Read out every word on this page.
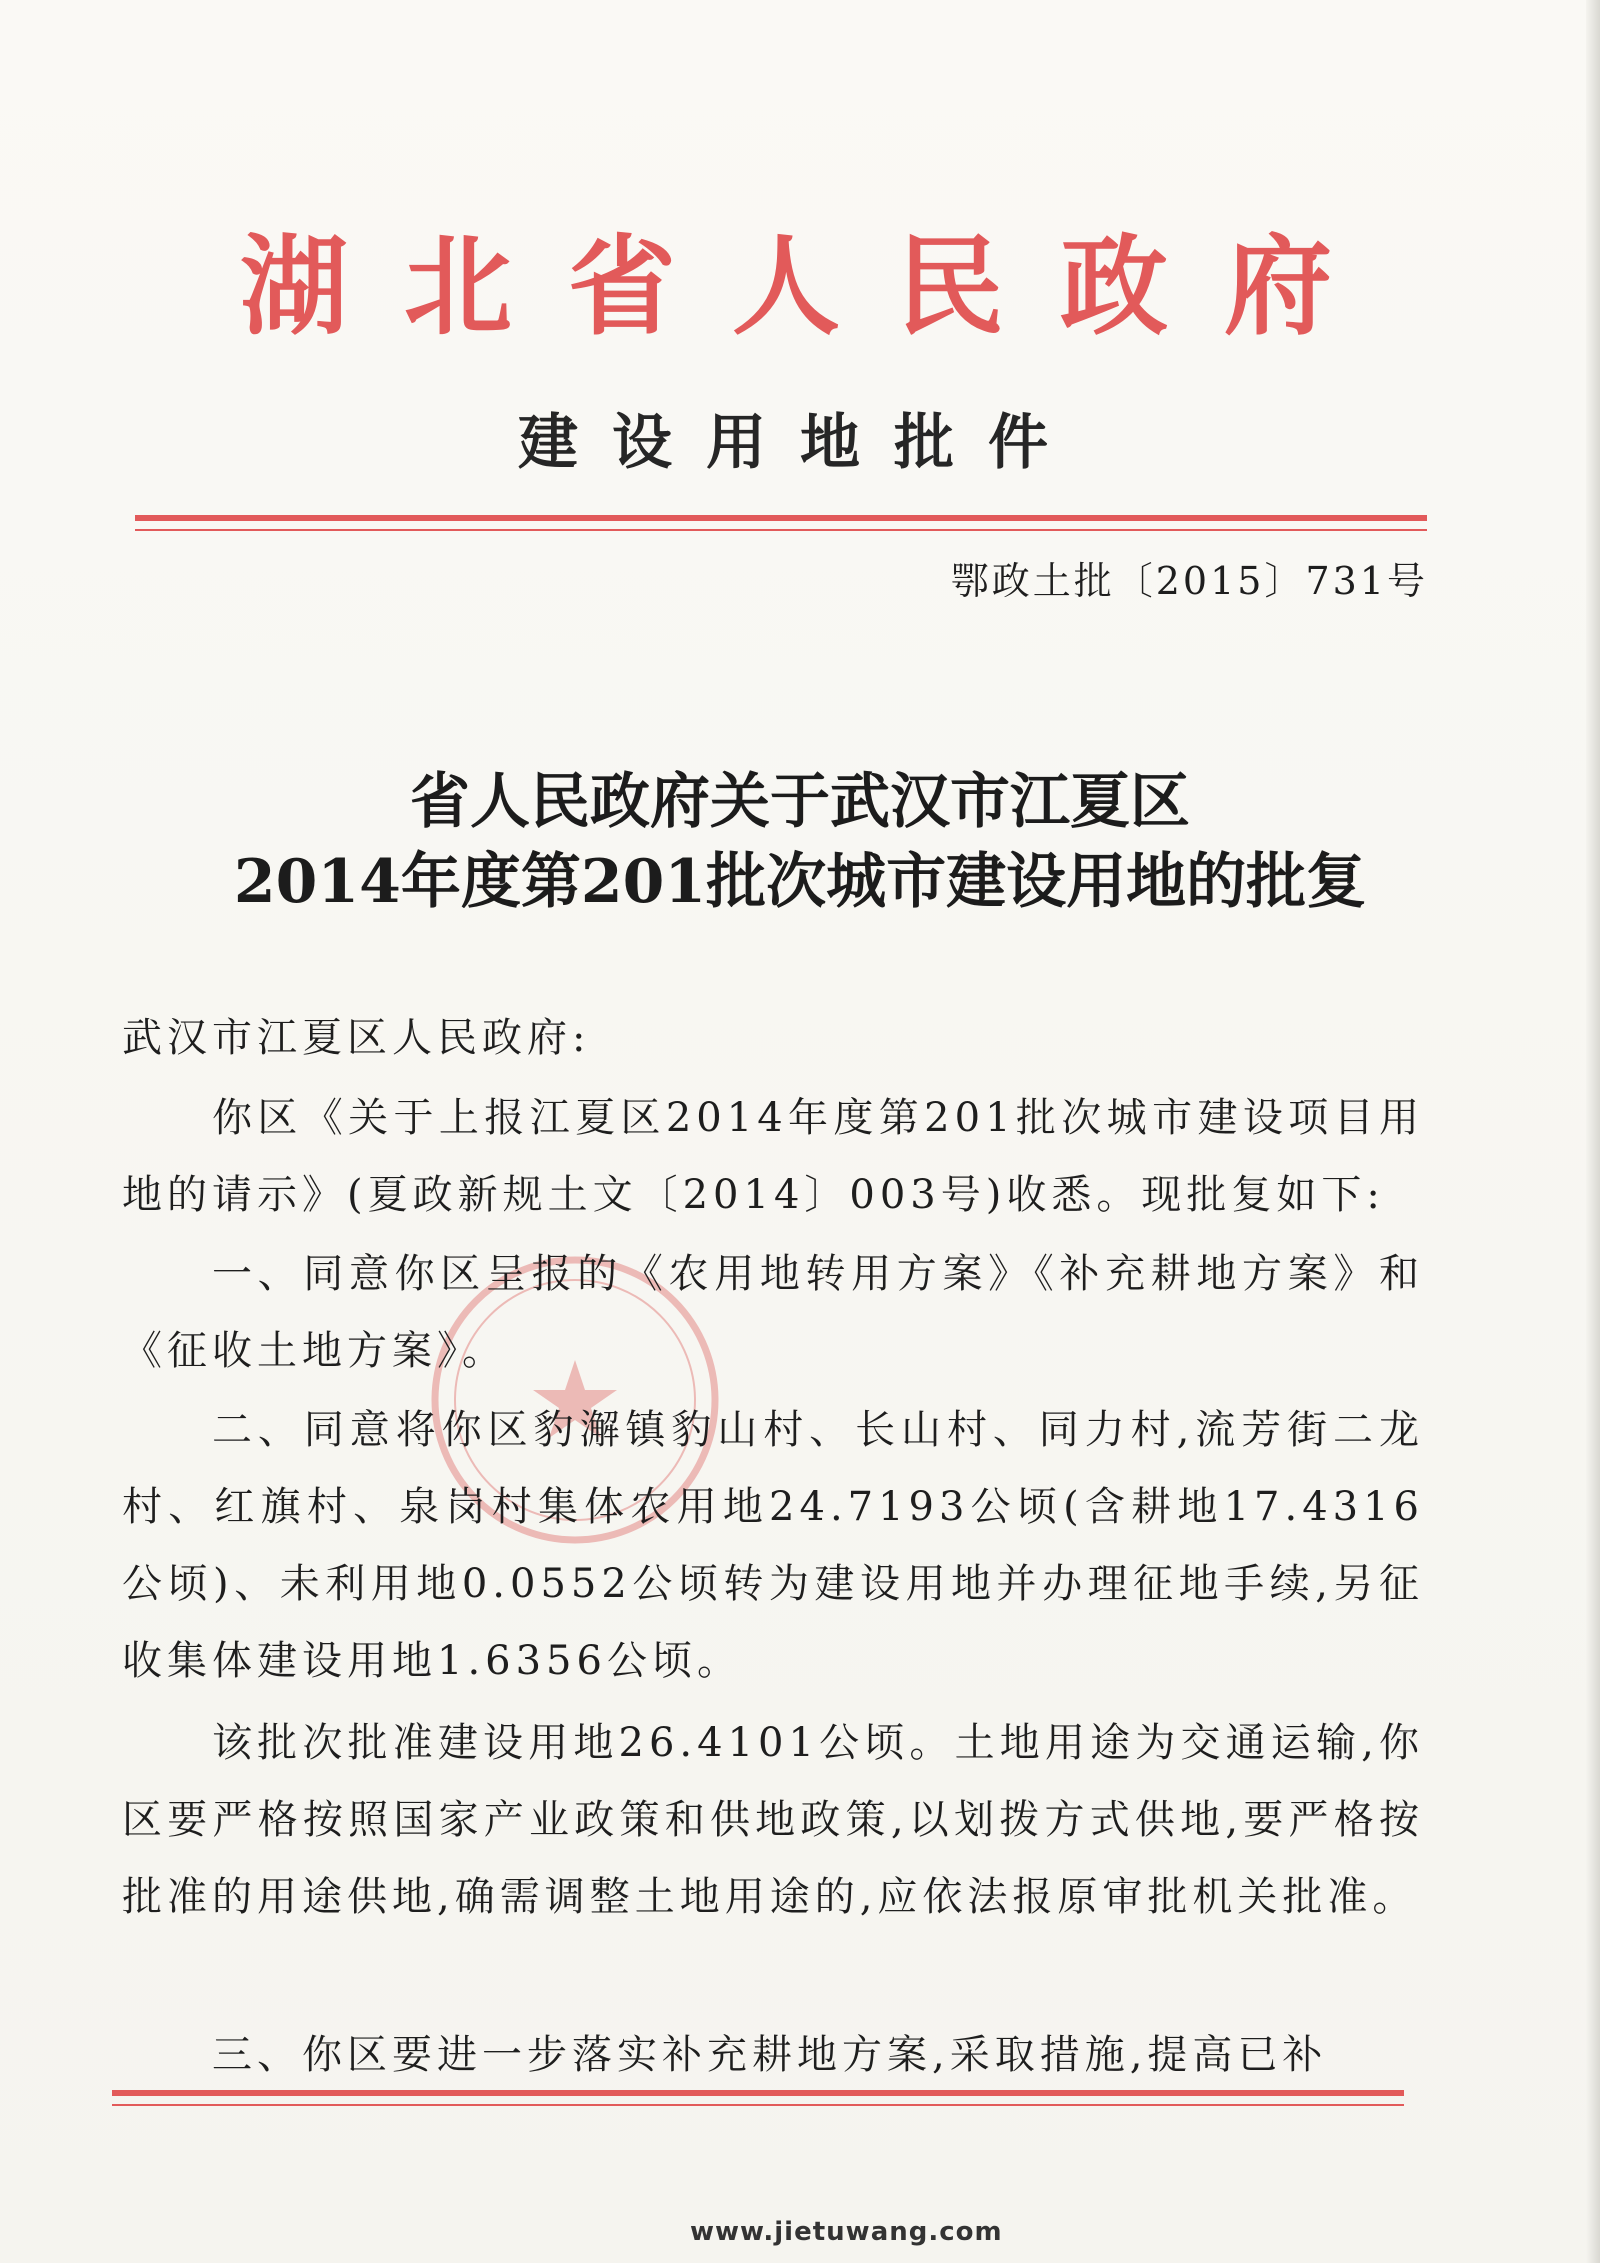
湖北省人民政府
建设用地批件
鄂政土批〔2015〕731号
省人民政府关于武汉市江夏区
2014年度第201批次城市建设用地的批复
武汉市江夏区人民政府:
你区《关于上报江夏区2014年度第201批次城市建设项目用地的请示》(夏政新规土文〔2014〕003号)收悉。现批复如下:
一、同意你区呈报的《农用地转用方案》《补充耕地方案》和《征收土地方案》。
二、同意将你区豹澥镇豹山村、长山村、同力村,流芳街二龙村、红旗村、泉岗村集体农用地24.7193公顷(含耕地17.4316公顷)、未利用地0.0552公顷转为建设用地并办理征地手续,另征收集体建设用地1.6356公顷。
该批次批准建设用地26.4101公顷。土地用途为交通运输,你区要严格按照国家产业政策和供地政策,以划拨方式供地,要严格按批准的用途供地,确需调整土地用途的,应依法报原审批机关批准。
三、你区要进一步落实补充耕地方案,采取措施,提高已补
www.jietuwang.com
